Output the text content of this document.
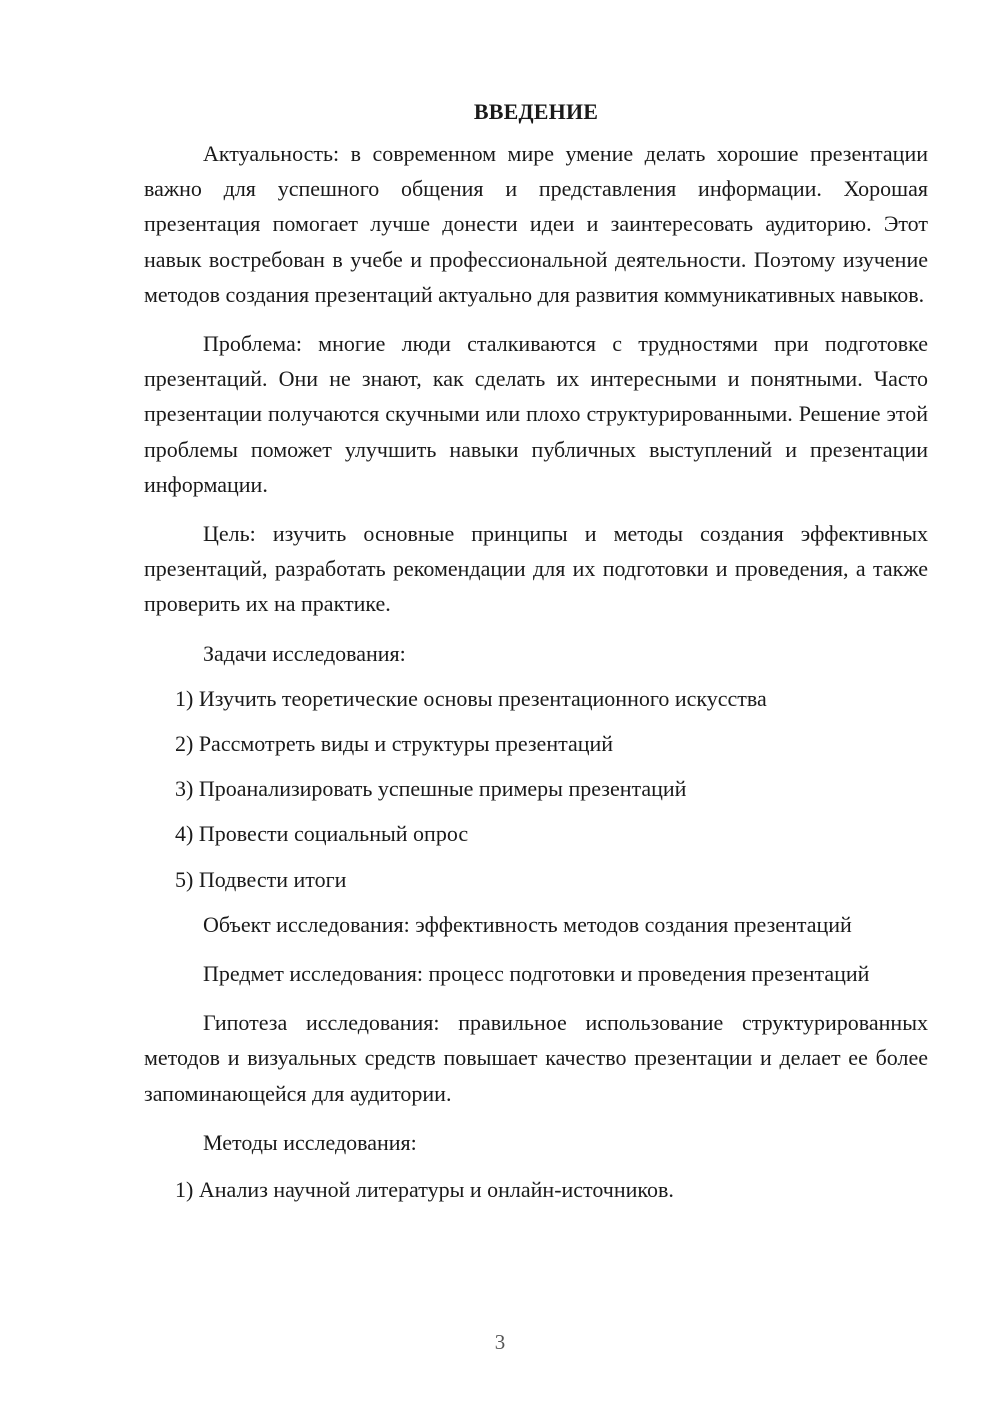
ВВЕДЕНИЕ

Актуальность: в современном мире умение делать хорошие презентации важно для успешного общения и представления информации. Хорошая презентация помогает лучше донести идеи и заинтересовать аудиторию. Этот навык востребован в учебе и профессиональной деятельности. Поэтому изучение методов создания презентаций актуально для развития коммуникативных навыков.

Проблема: многие люди сталкиваются с трудностями при подготовке презентаций. Они не знают, как сделать их интересными и понятными. Часто презентации получаются скучными или плохо структурированными. Решение этой проблемы поможет улучшить навыки публичных выступлений и презентации информации.

Цель: изучить основные принципы и методы создания эффективных презентаций, разработать рекомендации для их подготовки и проведения, а также проверить их на практике.

Задачи исследования:

1) Изучить теоретические основы презентационного искусства

2) Рассмотреть виды и структуры презентаций

3) Проанализировать успешные примеры презентаций

4) Провести социальный опрос

5) Подвести итоги

Объект исследования: эффективность методов создания презентаций

Предмет исследования: процесс подготовки и проведения презентаций

Гипотеза исследования: правильное использование структурированных методов и визуальных средств повышает качество презентации и делает ее более запоминающейся для аудитории.

Методы исследования:

1) Анализ научной литературы и онлайн-источников.

3
